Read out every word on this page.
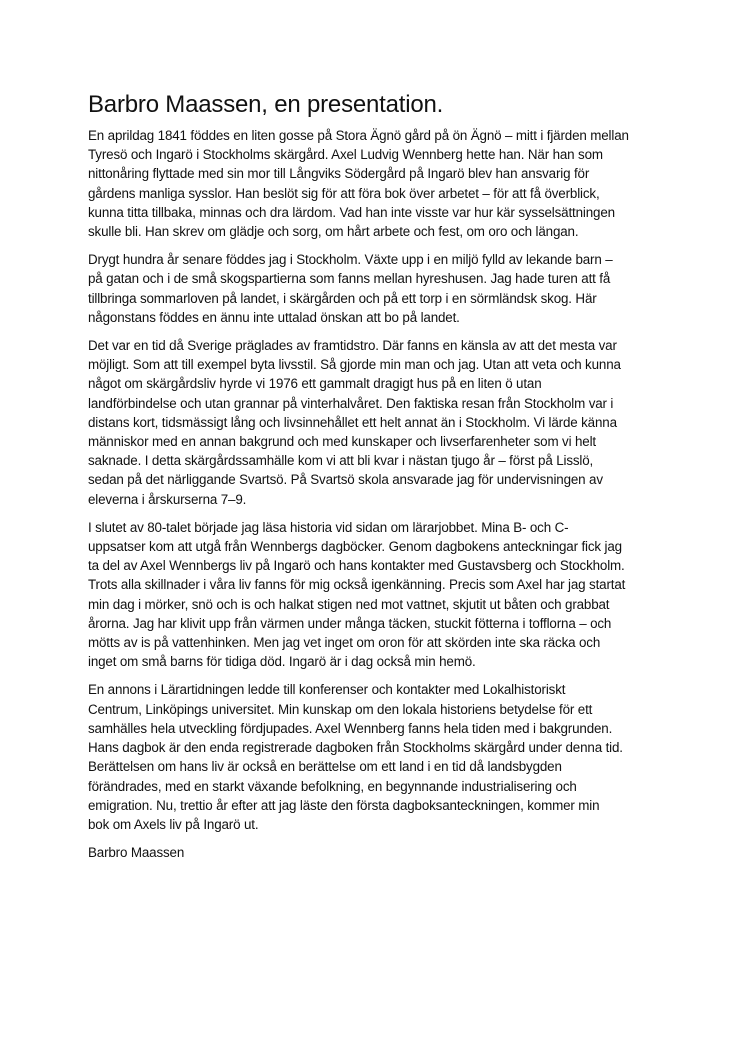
Barbro Maassen, en presentation.

En aprildag 1841 föddes en liten gosse på Stora Ägnö gård på ön Ägnö – mitt i fjärden mellan
Tyresö och Ingarö i Stockholms skärgård. Axel Ludvig Wennberg hette han. När han som
nittonåring flyttade med sin mor till Långviks Södergård på Ingarö blev han ansvarig för
gårdens manliga sysslor. Han beslöt sig för att föra bok över arbetet – för att få överblick,
kunna titta tillbaka, minnas och dra lärdom. Vad han inte visste var hur kär sysselsättningen
skulle bli. Han skrev om glädje och sorg, om hårt arbete och fest, om oro och längan.

Drygt hundra år senare föddes jag i Stockholm. Växte upp i en miljö fylld av lekande barn –
på gatan och i de små skogspartierna som fanns mellan hyreshusen. Jag hade turen att få
tillbringa sommarloven på landet, i skärgården och på ett torp i en sörmländsk skog. Här
någonstans föddes en ännu inte uttalad önskan att bo på landet.

Det var en tid då Sverige präglades av framtidstro. Där fanns en känsla av att det mesta var
möjligt. Som att till exempel byta livsstil. Så gjorde min man och jag. Utan att veta och kunna
något om skärgårdsliv hyrde vi 1976 ett gammalt dragigt hus på en liten ö utan
landförbindelse och utan grannar på vinterhalvåret. Den faktiska resan från Stockholm var i
distans kort, tidsmässigt lång och livsinnehållet ett helt annat än i Stockholm. Vi lärde känna
människor med en annan bakgrund och med kunskaper och livserfarenheter som vi helt
saknade. I detta skärgårdssamhälle kom vi att bli kvar i nästan tjugo år – först på Lisslö,
sedan på det närliggande Svartsö. På Svartsö skola ansvarade jag för undervisningen av
eleverna i årskurserna 7–9.

I slutet av 80-talet började jag läsa historia vid sidan om lärarjobbet. Mina B- och C-
uppsatser kom att utgå från Wennbergs dagböcker. Genom dagbokens anteckningar fick jag
ta del av Axel Wennbergs liv på Ingarö och hans kontakter med Gustavsberg och Stockholm.
Trots alla skillnader i våra liv fanns för mig också igenkänning. Precis som Axel har jag startat
min dag i mörker, snö och is och halkat stigen ned mot vattnet, skjutit ut båten och grabbat
årorna. Jag har klivit upp från värmen under många täcken, stuckit fötterna i tofflorna – och
mötts av is på vattenhinken. Men jag vet inget om oron för att skörden inte ska räcka och
inget om små barns för tidiga död. Ingarö är i dag också min hemö.

En annons i Lärartidningen ledde till konferenser och kontakter med Lokalhistoriskt
Centrum, Linköpings universitet. Min kunskap om den lokala historiens betydelse för ett
samhälles hela utveckling fördjupades. Axel Wennberg fanns hela tiden med i bakgrunden.
Hans dagbok är den enda registrerade dagboken från Stockholms skärgård under denna tid.
Berättelsen om hans liv är också en berättelse om ett land i en tid då landsbygden
förändrades, med en starkt växande befolkning, en begynnande industrialisering och
emigration. Nu, trettio år efter att jag läste den första dagboksanteckningen, kommer min
bok om Axels liv på Ingarö ut.

Barbro Maassen
